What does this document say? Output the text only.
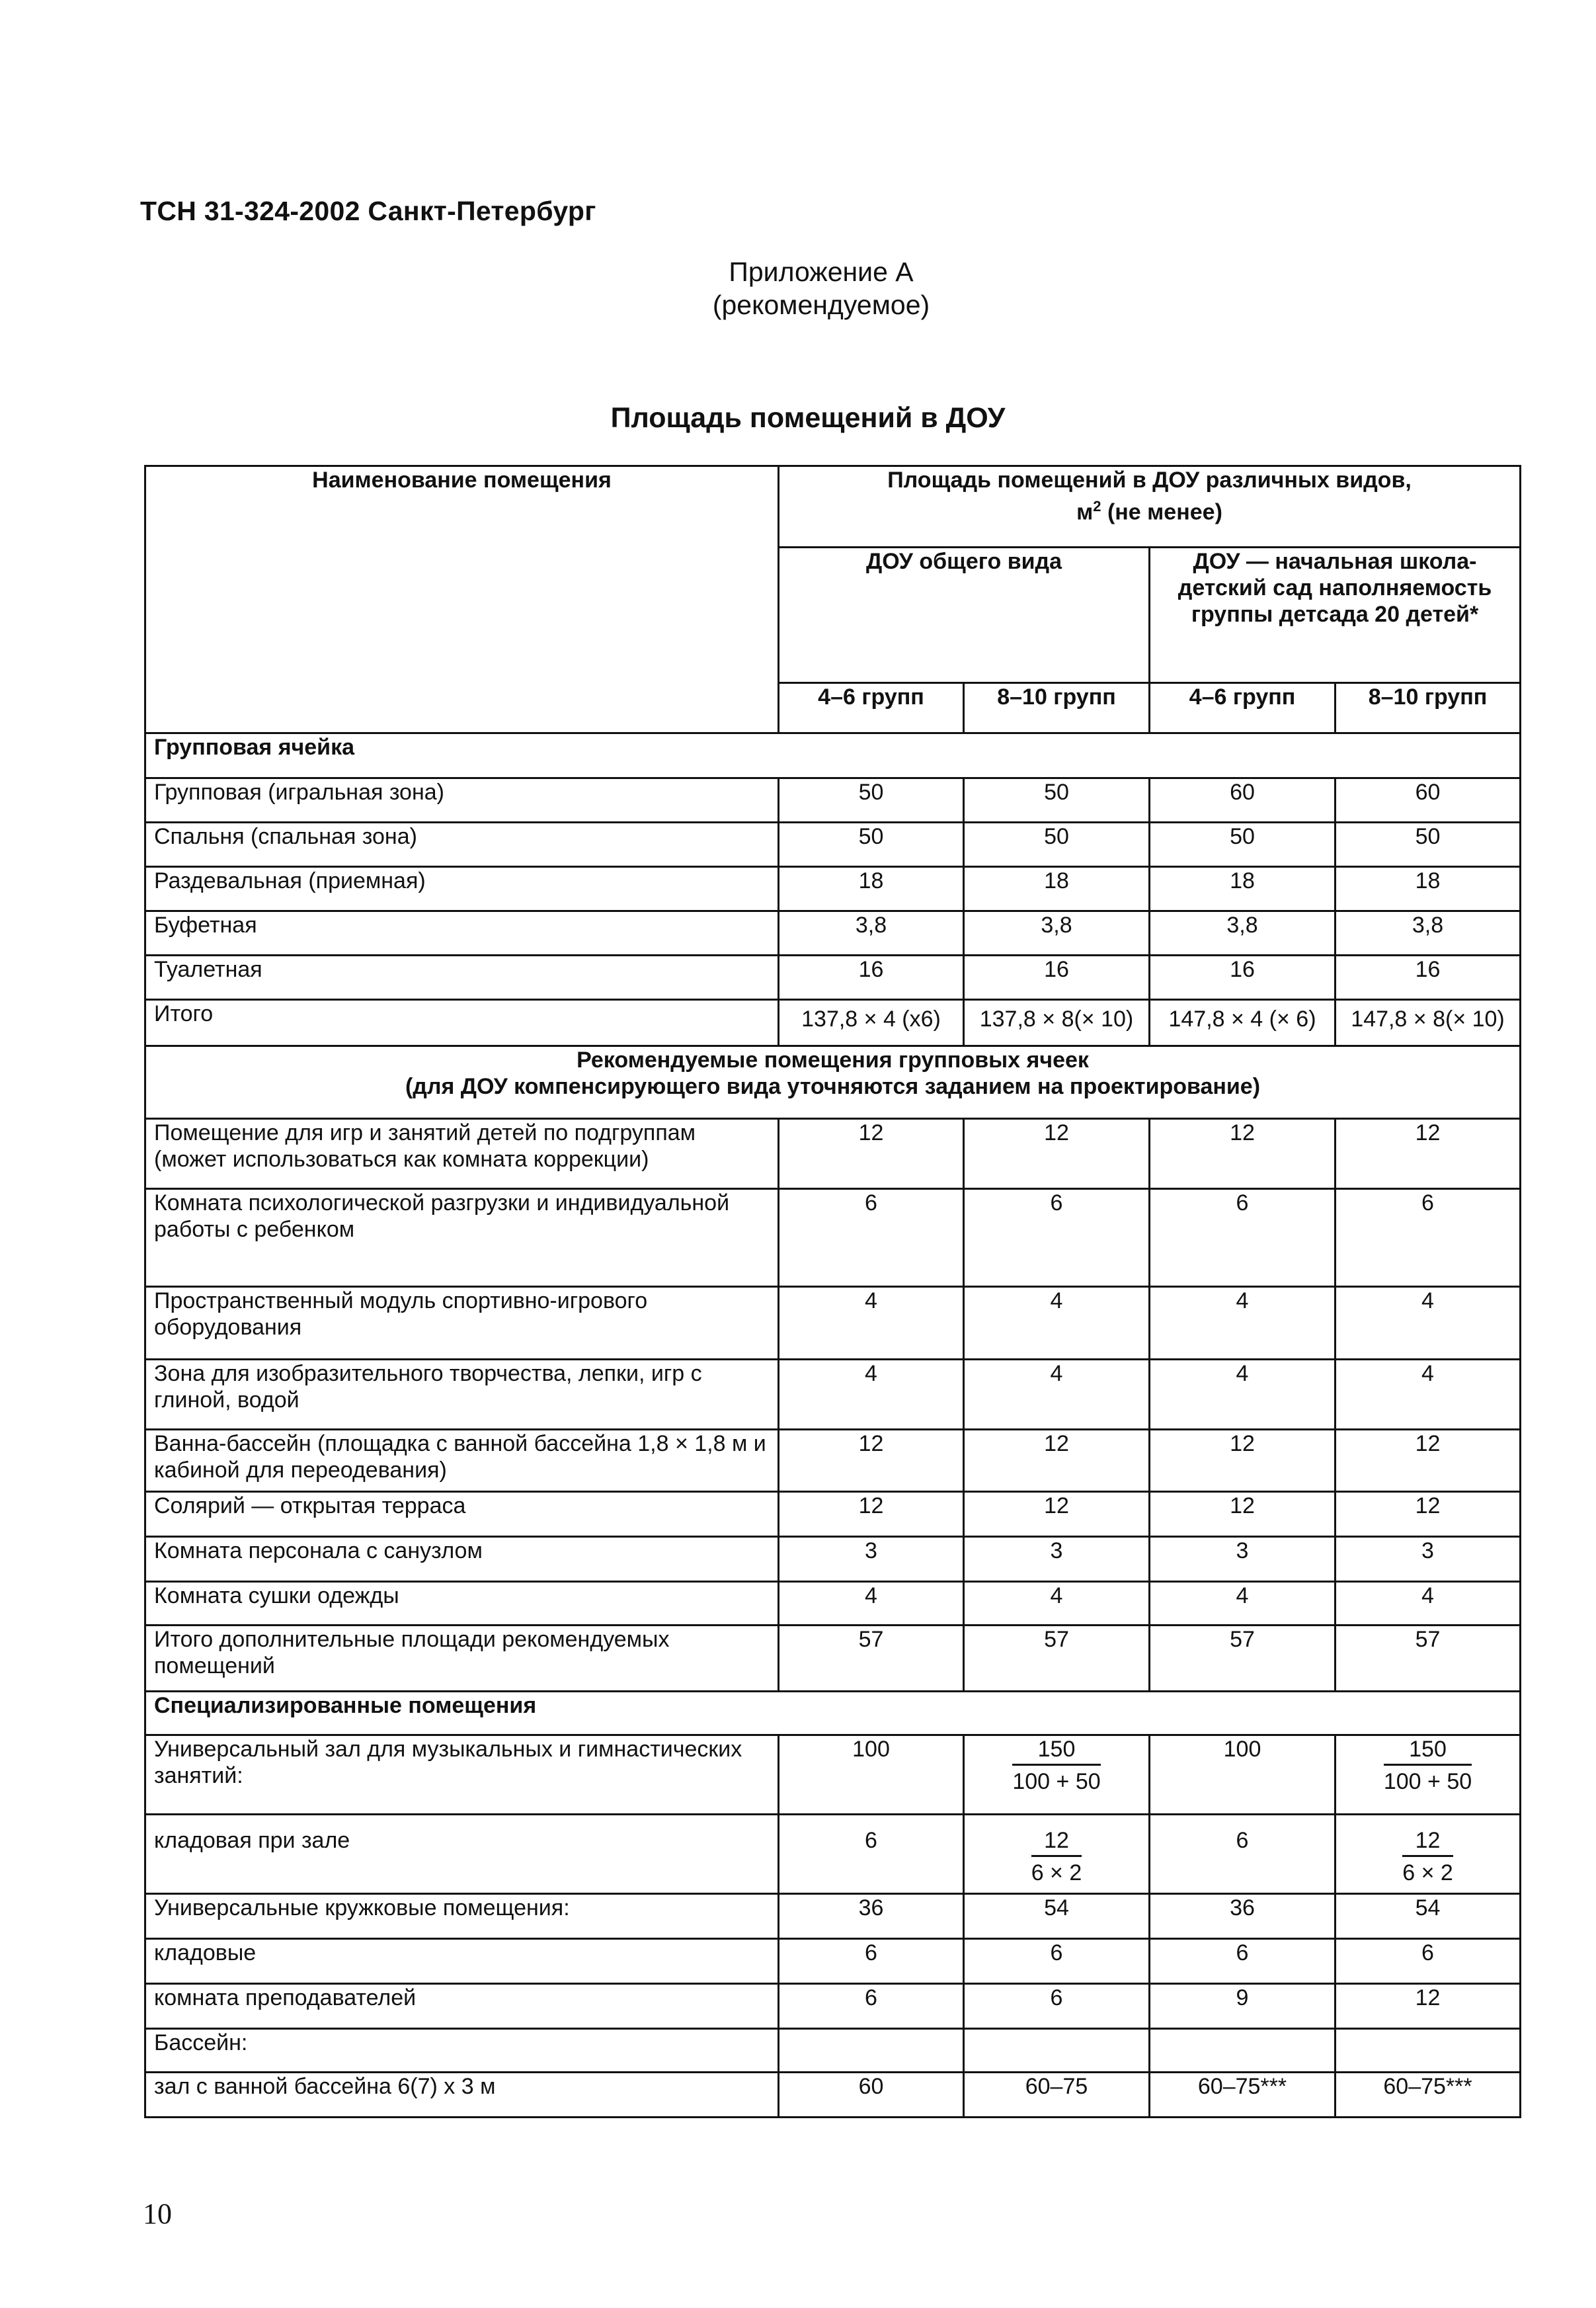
ТСН 31-324-2002 Санкт-Петербург
Приложение А
(рекомендуемое)
Площадь помещений в ДОУ
Наименование помещения	Площадь помещений в ДОУ различных видов,
$м^2$ (не менее)			

	ДОУ общего вида		ДОУ — начальная школа-детский сад наполняемость группы детсада 20 детей*	
	4–6 групп	8–10 групп	4–6 групп	8–10 групп
Групповая ячейка				
Групповая (игральная зона)	50	50	60	60
Спальня (спальная зона)	50	50	50	50
Раздевальная (приемная)	18	18	18	18
Буфетная	3,8	3,8	3,8	3,8
Туалетная	16	16	16	16
Итого	137,8 × 4 (x6)	137,8 × 8(× 10)	147,8 × 4 (× 6)	147,8 × 8(× 10)

Рекомендуемые помещения групповых ячеек
(для ДОУ компенсирующего вида уточняются заданием на проектирование)				

Помещение для игр и занятий детей по подгруппам (может использоваться как комната коррекции)	12	12	12	12
Комната психологической разгрузки и индивидуальной работы с ребенком	6	6	6	6
Пространственный модуль спортивно-игрового оборудования	4	4	4	4
Зона для изобразительного творчества, лепки, игр с глиной, водой	4	4	4	4
Ванна-бассейн (площадка с ванной бассейна 1,8 × 1,8 м и кабиной для переодевания)	12	12	12	12
Солярий — открытая терраса	12	12	12	12
Комната персонала с санузлом	3	3	3	3
Комната сушки одежды	4	4	4	4
Итого дополнительные площади рекомендуемых помещений	57	57	57	57
Специализированные помещения				
Универсальный зал для музыкальных и гимнастических занятий:	100	$\frac{150}{100 + 50}$	100	$\frac{150}{100 + 50}$

кладовая при зале	6	$\frac{12}{6 \times 2}$	6	$\frac{12}{6 \times 2}$

Универсальные кружковые помещения:	36	54	36	54
кладовые	6	6	6	6
комната преподавателей	6	6	9	12
Бассейн:				
зал с ванной бассейна 6(7) x 3 м	60	60–75	60–75***	60–75***
10
